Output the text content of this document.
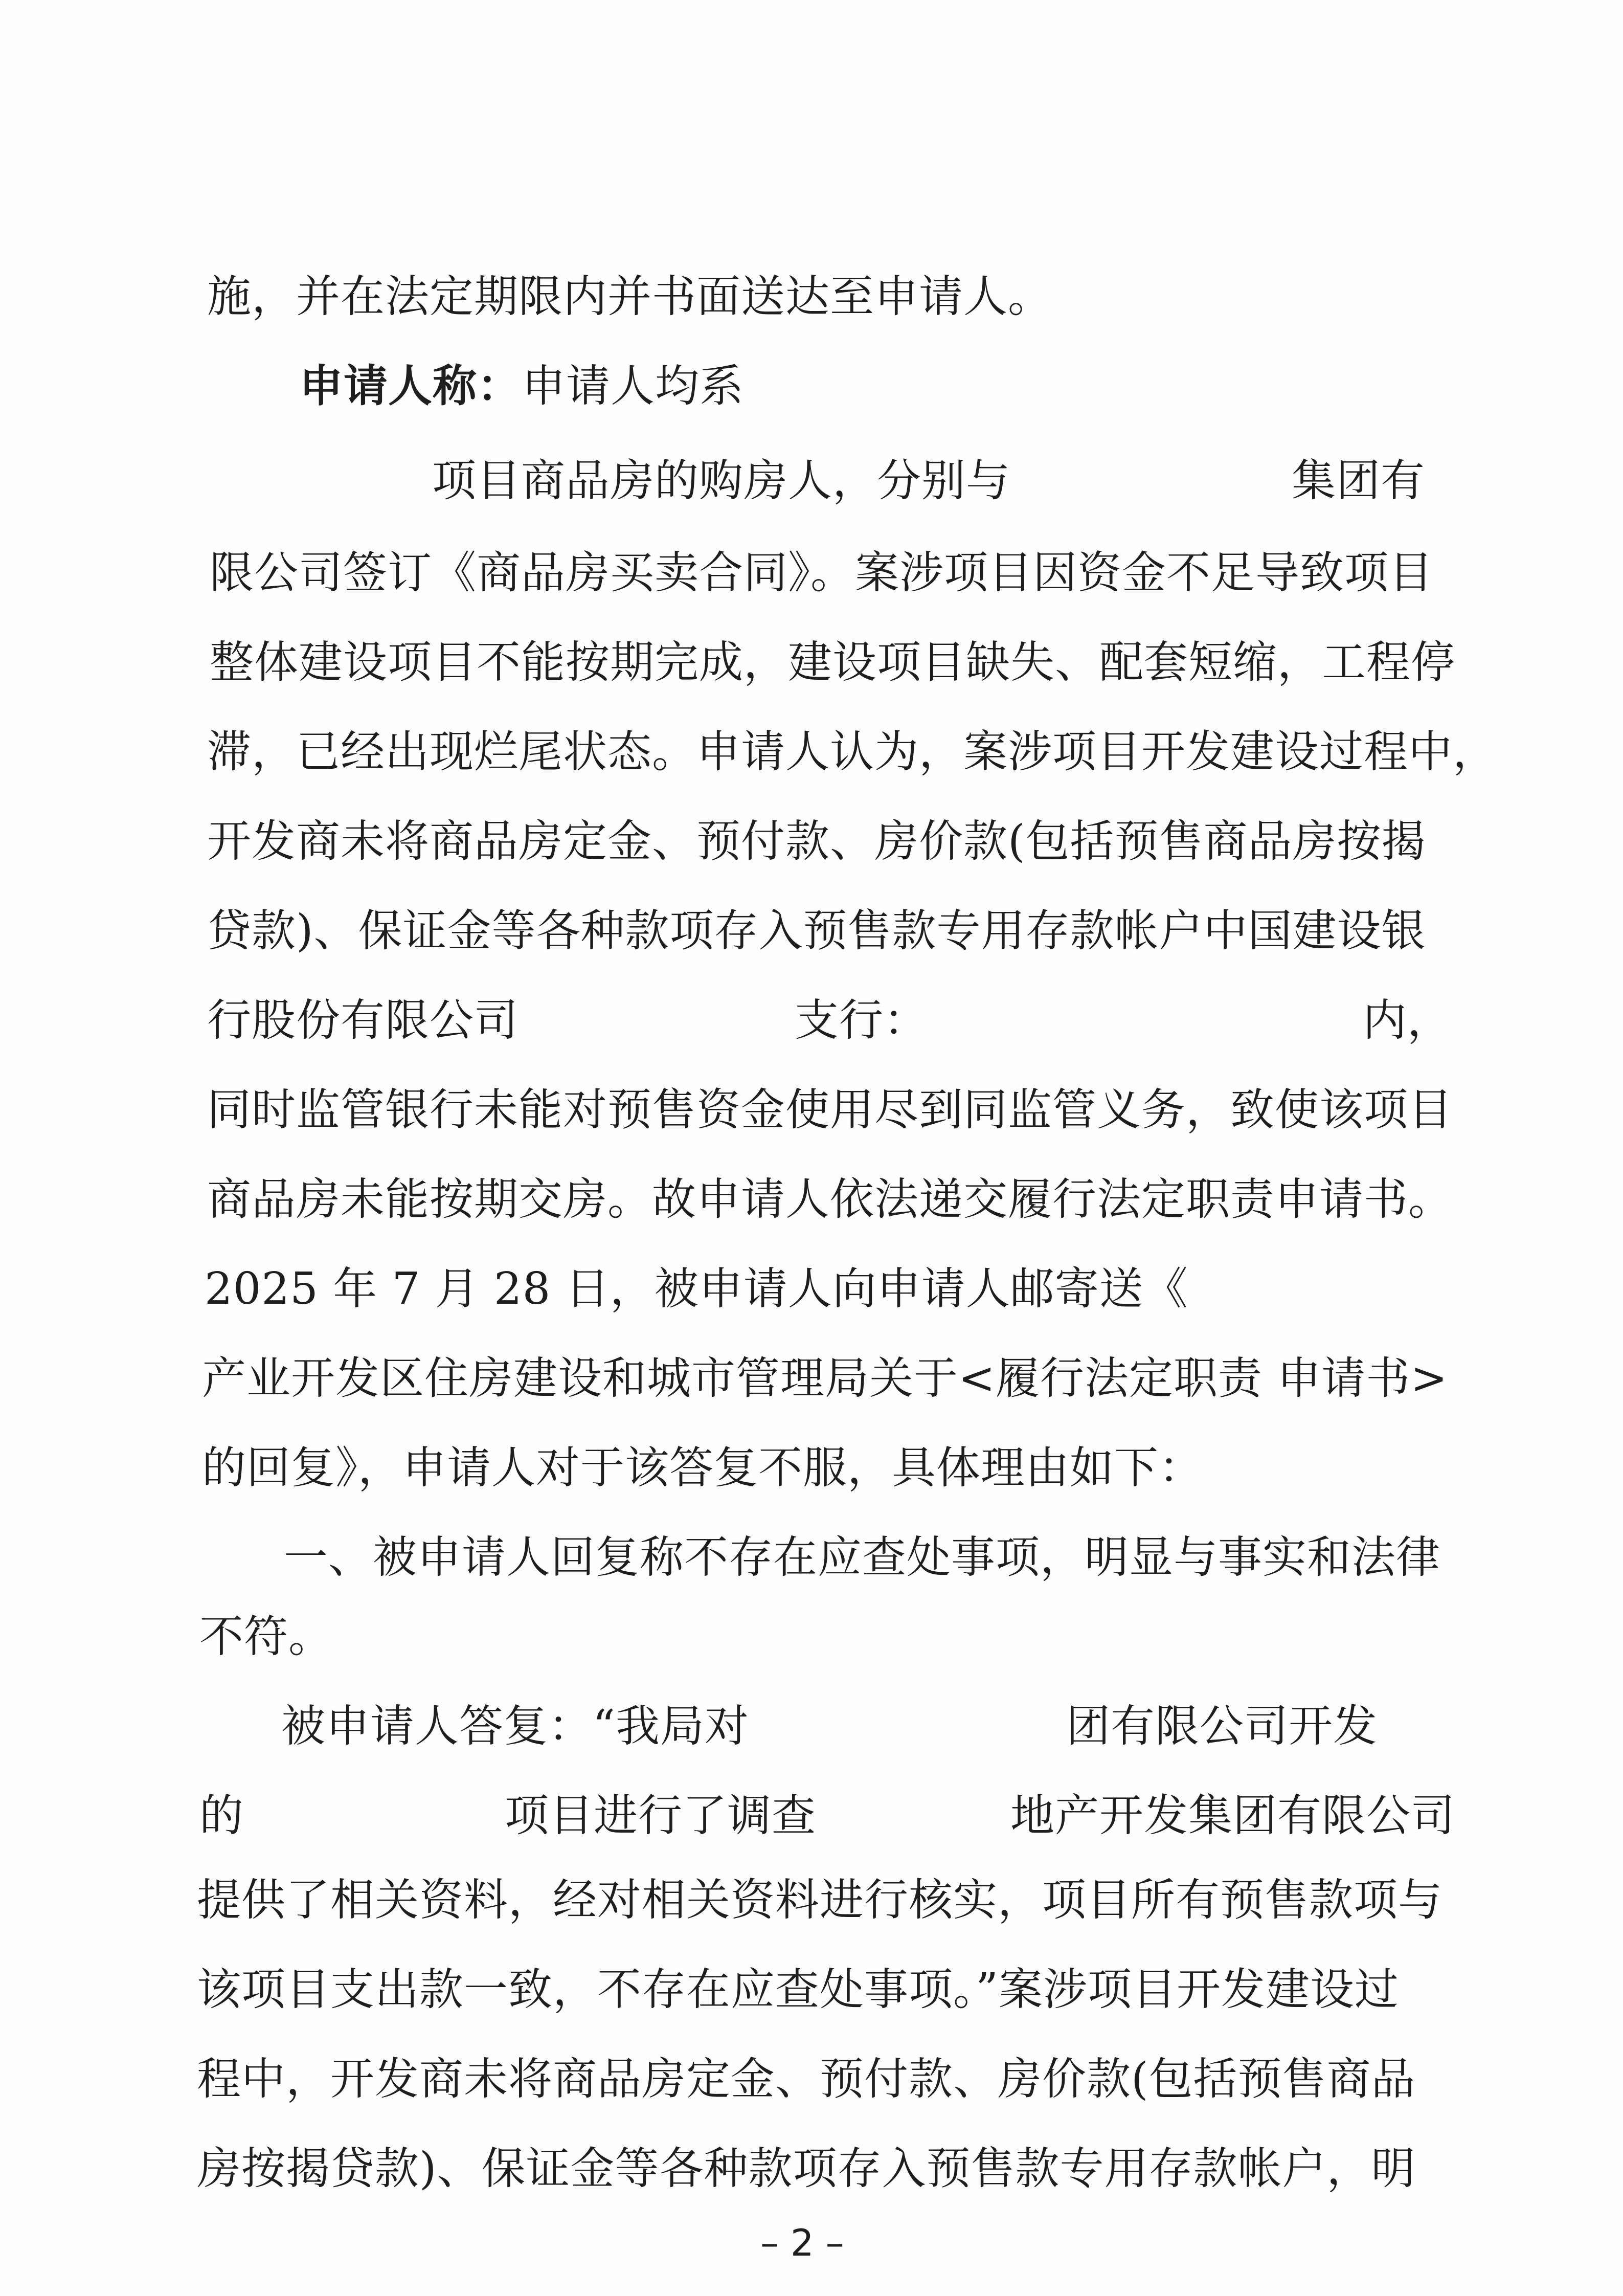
施，并在法定期限内并书面送达至申请人。
申请人称：申请人均系
项目商品房的购房人，分别与	集团有
限公司签订《商品房买卖合同》。案涉项目因资金不足导致项目
整体建设项目不能按期完成，建设项目缺失、配套短缩，工程停
滞，已经出现烂尾状态。申请人认为，案涉项目开发建设过程中，
开发商未将商品房定金、预付款、房价款(包括预售商品房按揭
贷款)、保证金等各种款项存入预售款专用存款帐户中国建设银
行股份有限公司	支行：	内，
同时监管银行未能对预售资金使用尽到同监管义务，致使该项目
商品房未能按期交房。故申请人依法递交履行法定职责申请书。
2025 年 7 月 28 日，被申请人向申请人邮寄送《
产业开发区住房建设和城市管理局关于<履行法定职责 申请书>
的回复》，申请人对于该答复不服，具体理由如下：
一、被申请人回复称不存在应查处事项，明显与事实和法律
不符。
被申请人答复：“我局对	团有限公司开发
的	项目进行了调查	地产开发集团有限公司
提供了相关资料，经对相关资料进行核实，项目所有预售款项与
该项目支出款一致，不存在应查处事项。”案涉项目开发建设过
程中，开发商未将商品房定金、预付款、房价款(包括预售商品
房按揭贷款)、保证金等各种款项存入预售款专用存款帐户，明
– 2 –
